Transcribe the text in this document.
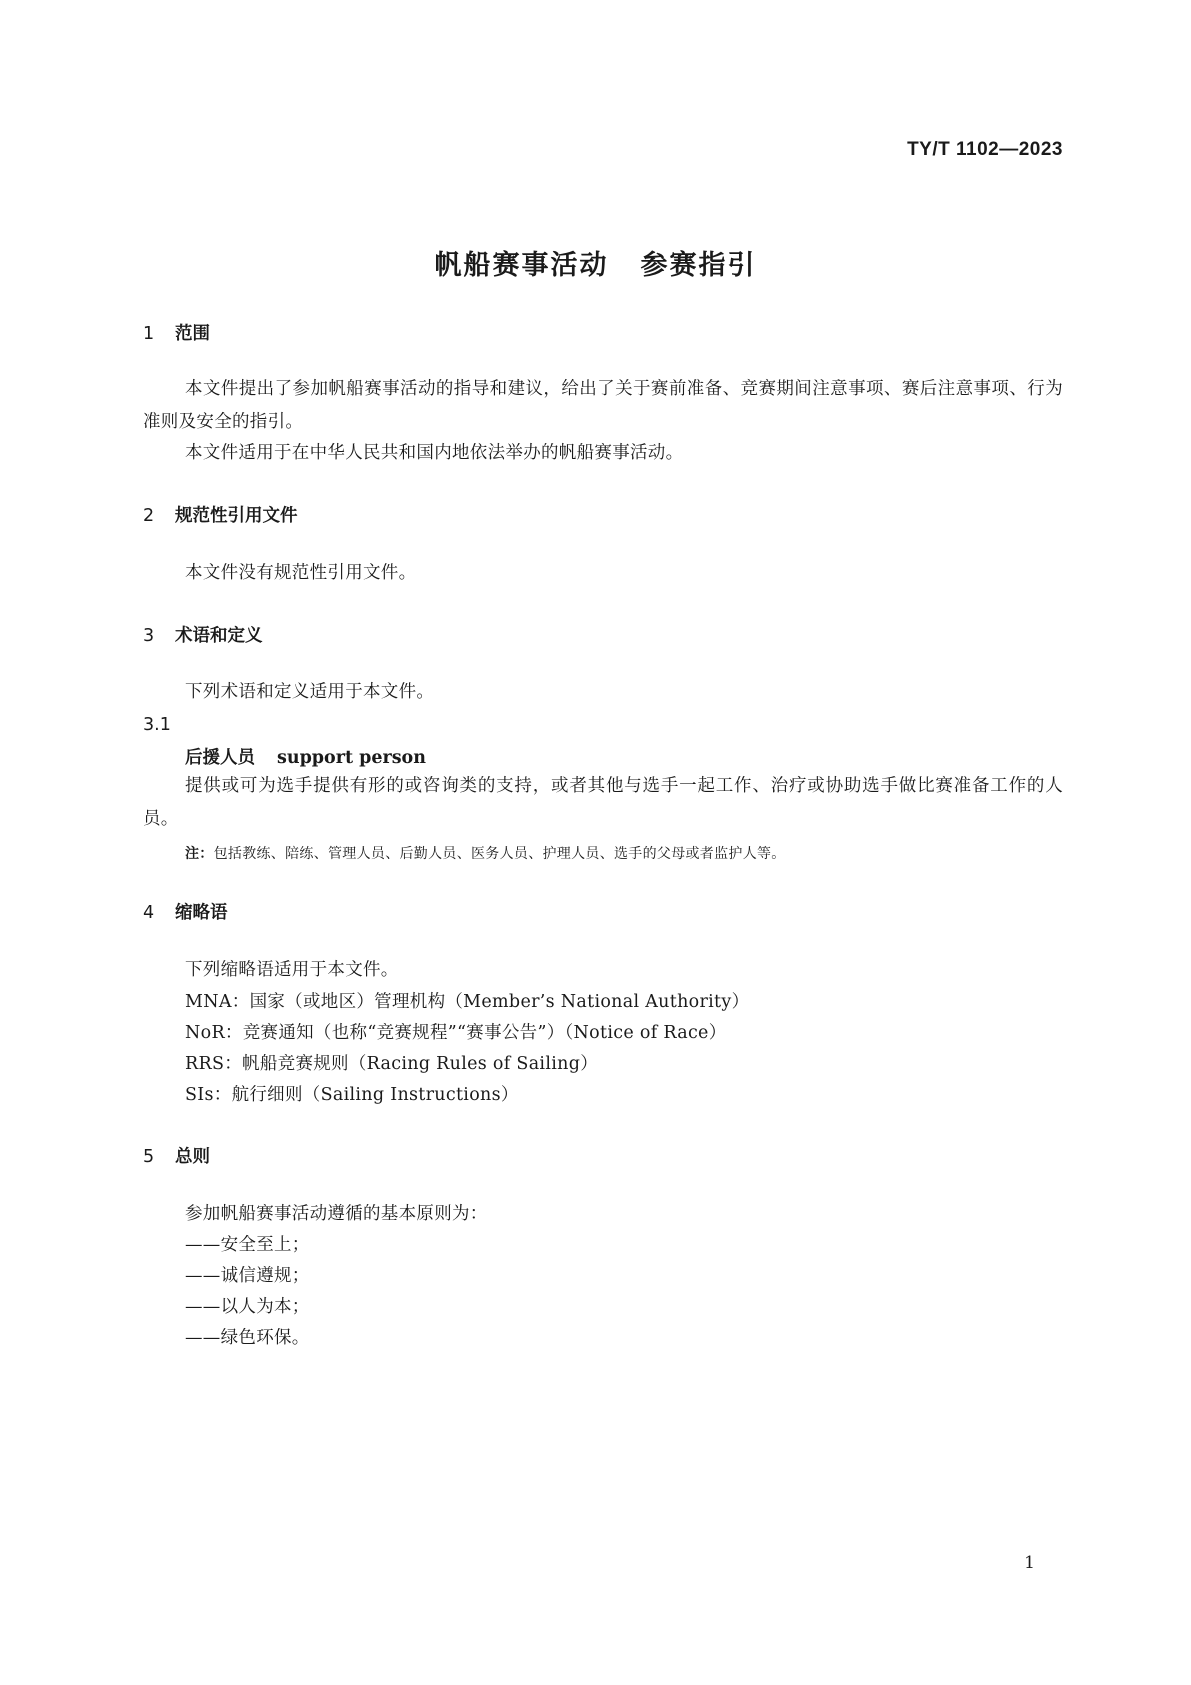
TY/T 1102—2023
帆船赛事活动 参赛指引
1 范围
本文件提出了参加帆船赛事活动的指导和建议，给出了关于赛前准备、竞赛期间注意事项、赛后注意事项、行为准则及安全的指引。
本文件适用于在中华人民共和国内地依法举办的帆船赛事活动。
2 规范性引用文件
本文件没有规范性引用文件。
3 术语和定义
下列术语和定义适用于本文件。
3.1
后援人员 support person
提供或可为选手提供有形的或咨询类的支持，或者其他与选手一起工作、治疗或协助选手做比赛准备工作的人员。
注：包括教练、陪练、管理人员、后勤人员、医务人员、护理人员、选手的父母或者监护人等。
4 缩略语
下列缩略语适用于本文件。
MNA：国家（或地区）管理机构（Member’s National Authority）
NoR：竞赛通知（也称“竞赛规程”“赛事公告”）（Notice of Race）
RRS：帆船竞赛规则（Racing Rules of Sailing）
SIs：航行细则（Sailing Instructions）
5 总则
参加帆船赛事活动遵循的基本原则为：
——安全至上；
——诚信遵规；
——以人为本；
——绿色环保。
1
